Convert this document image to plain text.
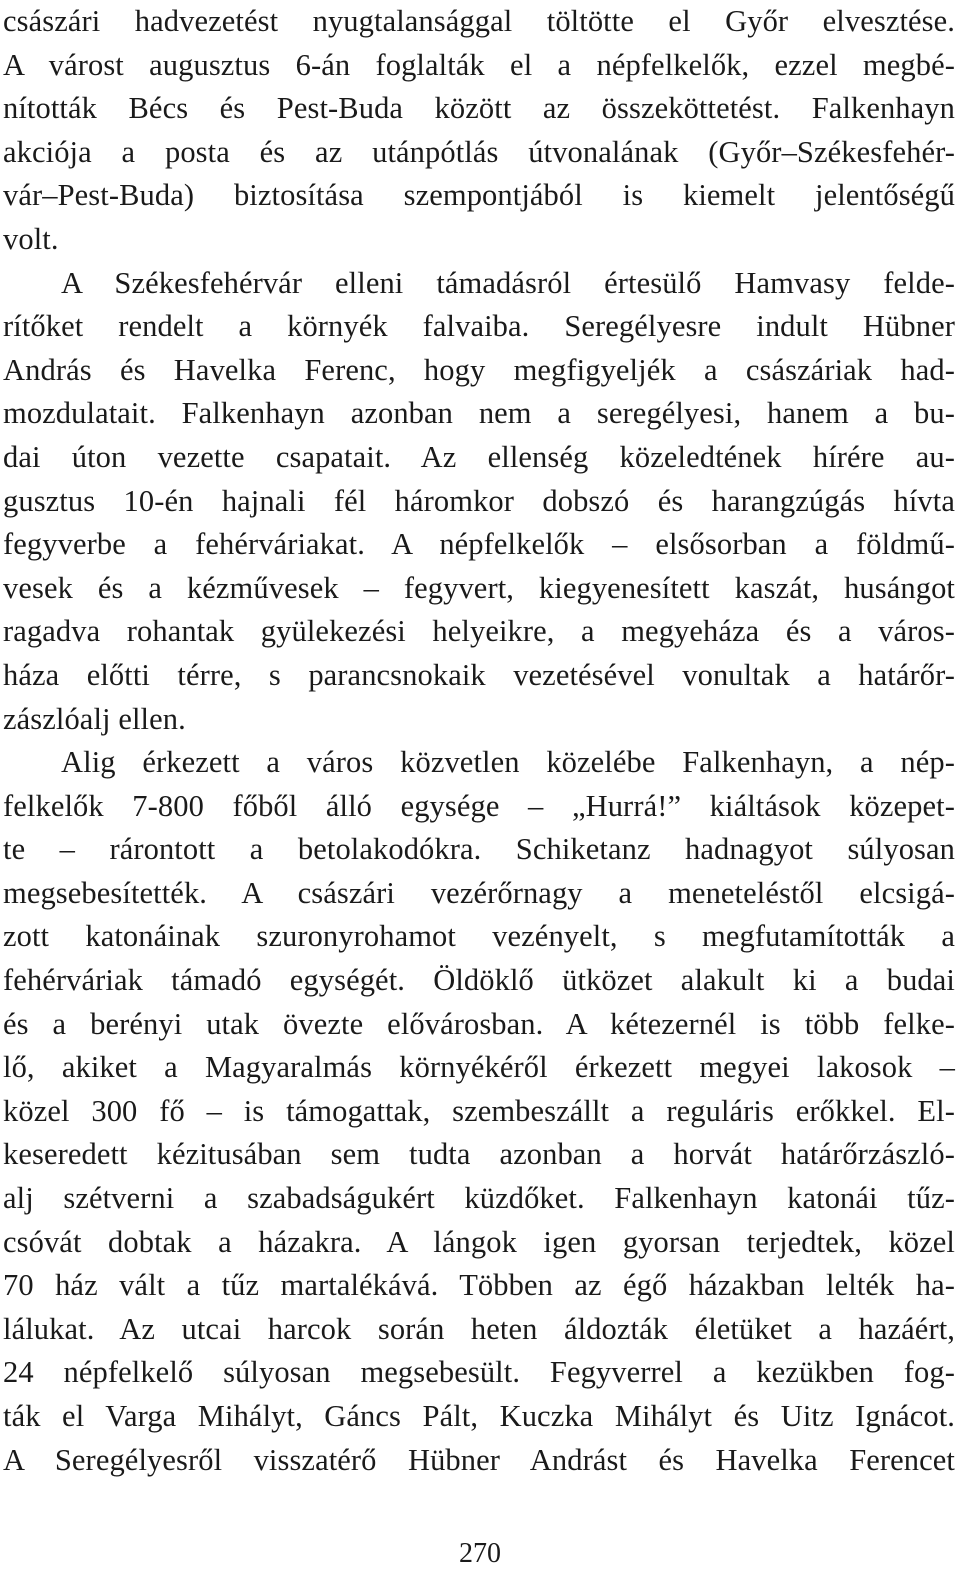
császári hadvezetést nyugtalansággal töltötte el Győr elvesztése.
A várost augusztus 6-án foglalták el a népfelkelők, ezzel megbé-
nították Bécs és Pest-Buda között az összeköttetést. Falkenhayn
akciója a posta és az utánpótlás útvonalának (Győr–Székesfehér-
vár–Pest-Buda) biztosítása szempontjából is kiemelt jelentőségű
volt.
A Székesfehérvár elleni támadásról értesülő Hamvasy felde-
rítőket rendelt a környék falvaiba. Seregélyesre indult Hübner
András és Havelka Ferenc, hogy megfigyeljék a császáriak had-
mozdulatait. Falkenhayn azonban nem a seregélyesi, hanem a bu-
dai úton vezette csapatait. Az ellenség közeledtének hírére au-
gusztus 10-én hajnali fél háromkor dobszó és harangzúgás hívta
fegyverbe a fehérváriakat. A népfelkelők – elsősorban a földmű-
vesek és a kézművesek – fegyvert, kiegyenesített kaszát, husángot
ragadva rohantak gyülekezési helyeikre, a megyeháza és a város-
háza előtti térre, s parancsnokaik vezetésével vonultak a határőr-
zászlóalj ellen.
Alig érkezett a város közvetlen közelébe Falkenhayn, a nép-
felkelők 7-800 főből álló egysége – „Hurrá!” kiáltások közepet-
te – rárontott a betolakodókra. Schiketanz hadnagyot súlyosan
megsebesítették. A császári vezérőrnagy a meneteléstől elcsigá-
zott katonáinak szuronyrohamot vezényelt, s megfutamították a
fehérváriak támadó egységét. Öldöklő ütközet alakult ki a budai
és a berényi utak övezte elővárosban. A kétezernél is több felke-
lő, akiket a Magyaralmás környékéről érkezett megyei lakosok –
közel 300 fő – is támogattak, szembeszállt a reguláris erőkkel. El-
keseredett kézitusában sem tudta azonban a horvát határőrzászló-
alj szétverni a szabadságukért küzdőket. Falkenhayn katonái tűz-
csóvát dobtak a házakra. A lángok igen gyorsan terjedtek, közel
70 ház vált a tűz martalékává. Többen az égő házakban lelték ha-
lálukat. Az utcai harcok során heten áldozták életüket a hazáért,
24 népfelkelő súlyosan megsebesült. Fegyverrel a kezükben fog-
ták el Varga Mihályt, Gáncs Pált, Kuczka Mihályt és Uitz Ignácot.
A Seregélyesről visszatérő Hübner Andrást és Havelka Ferencet
270
